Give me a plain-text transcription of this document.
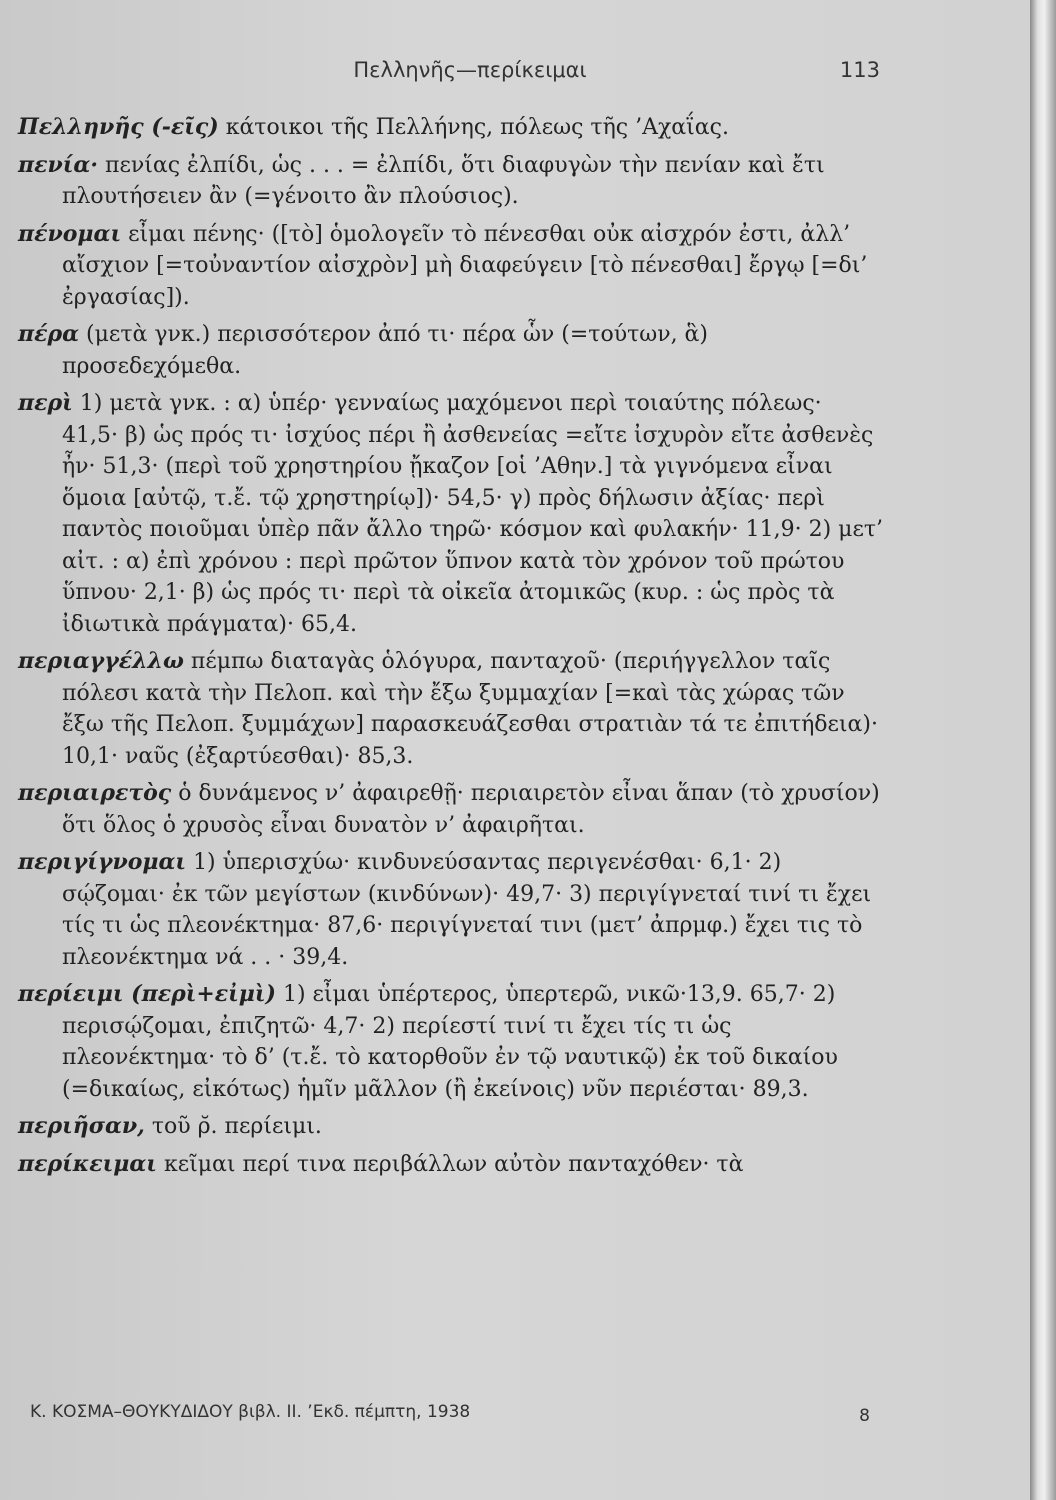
Πελληνῆς—περίκειμαι	113

Πελληνῆς (-εῖς) κάτοικοι τῆς Πελλήνης, πόλεως τῆς ’Αχαΐας.

πενία· πενίας ἐλπίδι, ὡς . . . = ἐλπίδι, ὅτι διαφυγὼν τὴν πενίαν καὶ ἔτι πλουτήσειεν ἂν (=γένοιτο ἂν πλούσιος).

πένομαι εἶμαι πένης· ([τὸ] ὁμολογεῖν τὸ πένεσθαι οὐκ αἰσχρόν ἐστι, ἀλλ’ αἴσχιον [=τοὐναντίον αἰσχρὸν] μὴ διαφεύγειν [τὸ πένεσθαι] ἔργῳ [=δι’ ἐργασίας]).

πέρα (μετὰ γνκ.) περισσότερον ἀπό τι· πέρα ὧν (=τούτων, ἃ) προσεδεχόμεθα.

περὶ 1) μετὰ γνκ. : α) ὑπέρ· γενναίως μαχόμενοι περὶ τοιαύτης πόλεως· 41,5· β) ὡς πρός τι· ἰσχύος πέρι ἢ ἀσθενείας =εἴτε ἰσχυρὸν εἴτε ἀσθενὲς ἦν· 51,3· (περὶ τοῦ χρηστηρίου ᾔκαζον [οἱ ’Αθην.] τὰ γιγνόμενα εἶναι ὅμοια [αὐτῷ, τ.ἔ. τῷ χρηστηρίῳ])· 54,5· γ) πρὸς δήλωσιν ἀξίας· περὶ παντὸς ποιοῦμαι ὑπὲρ πᾶν ἄλλο τηρῶ· κόσμον καὶ φυλακήν· 11,9· 2) μετ’ αἰτ. : α) ἐπὶ χρόνου : περὶ πρῶτον ὕπνον κατὰ τὸν χρόνον τοῦ πρώτου ὕπνου· 2,1· β) ὡς πρός τι· περὶ τὰ οἰκεῖα ἀτομικῶς (κυρ. : ὡς πρὸς τὰ ἰδιωτικὰ πράγματα)· 65,4.

περιαγγέλλω πέμπω διαταγὰς ὁλόγυρα, πανταχοῦ· (περιήγγελλον ταῖς πόλεσι κατὰ τὴν Πελοπ. καὶ τὴν ἔξω ξυμμαχίαν [=καὶ τὰς χώρας τῶν ἔξω τῆς Πελοπ. ξυμμάχων] παρασκευάζεσθαι στρατιὰν τά τε ἐπιτήδεια)· 10,1· ναῦς (ἐξαρτύεσθαι)· 85,3.

περιαιρετὸς ὁ δυνάμενος ν’ ἀφαιρεθῇ· περιαιρετὸν εἶναι ἅπαν (τὸ χρυσίον) ὅτι ὅλος ὁ χρυσὸς εἶναι δυνατὸν ν’ ἀφαιρῆται.

περιγίγνομαι 1) ὑπερισχύω· κινδυνεύσαντας περιγενέσθαι· 6,1· 2) σῴζομαι· ἐκ τῶν μεγίστων (κινδύνων)· 49,7· 3) περιγίγνεταί τινί τι ἔχει τίς τι ὡς πλεονέκτημα· 87,6· περιγίγνεταί τινι (μετ’ ἀπρμφ.) ἔχει τις τὸ πλεονέκτημα νά . . · 39,4.

περίειμι (περὶ+εἰμὶ) 1) εἶμαι ὑπέρτερος, ὑπερτερῶ, νικῶ·13,9. 65,7· 2) περισῴζομαι, ἐπιζητῶ· 4,7· 2) περίεστί τινί τι ἔχει τίς τι ὡς πλεονέκτημα· τὸ δ’ (τ.ἔ. τὸ κατορθοῦν ἐν τῷ ναυτικῷ) ἐκ τοῦ δικαίου (=δικαίως, εἰκότως) ἡμῖν μᾶλλον (ἢ ἐκείνοις) νῦν περιέσται· 89,3.

περιῆσαν, τοῦ ρ̆. περίειμι.

περίκειμαι κεῖμαι περί τινα περιβάλλων αὐτὸν πανταχόθεν· τὰ

Κ. ΚΟΣΜΑ–ΘΟΥΚΥΔΙΔΟΥ βιβλ. ΙΙ. ’Εκδ. πέμπτη, 1938	8
